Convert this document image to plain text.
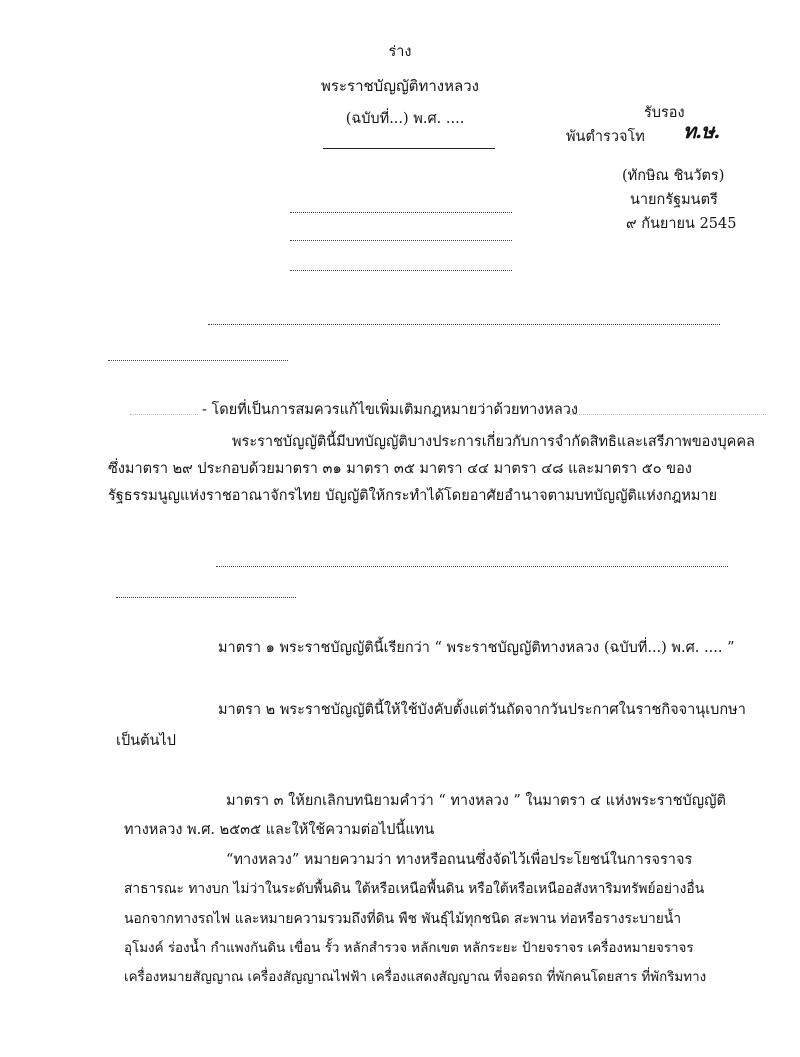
ร่าง
พระราชบัญญัติทางหลวง
(ฉบับที่...) พ.ศ. ....	รับรอง
พันตำรวจโท ท.ษ.
(ทักษิณ ชินวัตร)
นายกรัฐมนตรี
๙ กันยายน 2545
- โดยที่เป็นการสมควรแก้ไขเพิ่มเติมกฎหมายว่าด้วยทางหลวง
พระราชบัญญัตินี้มีบทบัญญัติบางประการเกี่ยวกับการจำกัดสิทธิและเสรีภาพของบุคคล
ซึ่งมาตรา ๒๙ ประกอบด้วยมาตรา ๓๑ มาตรา ๓๕ มาตรา ๔๔ มาตรา ๔๘ และมาตรา ๕๐ ของ
รัฐธรรมนูญแห่งราชอาณาจักรไทย บัญญัติให้กระทำได้โดยอาศัยอำนาจตามบทบัญญัติแห่งกฎหมาย
มาตรา ๑ พระราชบัญญัตินี้เรียกว่า “ พระราชบัญญัติทางหลวง (ฉบับที่...) พ.ศ. .... ”
มาตรา ๒ พระราชบัญญัตินี้ให้ใช้บังคับตั้งแต่วันถัดจากวันประกาศในราชกิจจานุเบกษา
เป็นต้นไป
มาตรา ๓ ให้ยกเลิกบทนิยามคำว่า “ ทางหลวง ” ในมาตรา ๔ แห่งพระราชบัญญัติ
ทางหลวง พ.ศ. ๒๕๓๕ และให้ใช้ความต่อไปนี้แทน
“ทางหลวง” หมายความว่า ทางหรือถนนซึ่งจัดไว้เพื่อประโยชน์ในการจราจร
สาธารณะ ทางบก ไม่ว่าในระดับพื้นดิน ใต้หรือเหนือพื้นดิน หรือใต้หรือเหนืออสังหาริมทรัพย์อย่างอื่น
นอกจากทางรถไฟ และหมายความรวมถึงที่ดิน พืช พันธุ์ไม้ทุกชนิด สะพาน ท่อหรือรางระบายน้ำ
อุโมงค์ ร่องน้ำ กำแพงกันดิน เขื่อน รั้ว หลักสำรวจ หลักเขต หลักระยะ ป้ายจราจร เครื่องหมายจราจร
เครื่องหมายสัญญาณ เครื่องสัญญาณไฟฟ้า เครื่องแสดงสัญญาณ ที่จอดรถ ที่พักคนโดยสาร ที่พักริมทาง
